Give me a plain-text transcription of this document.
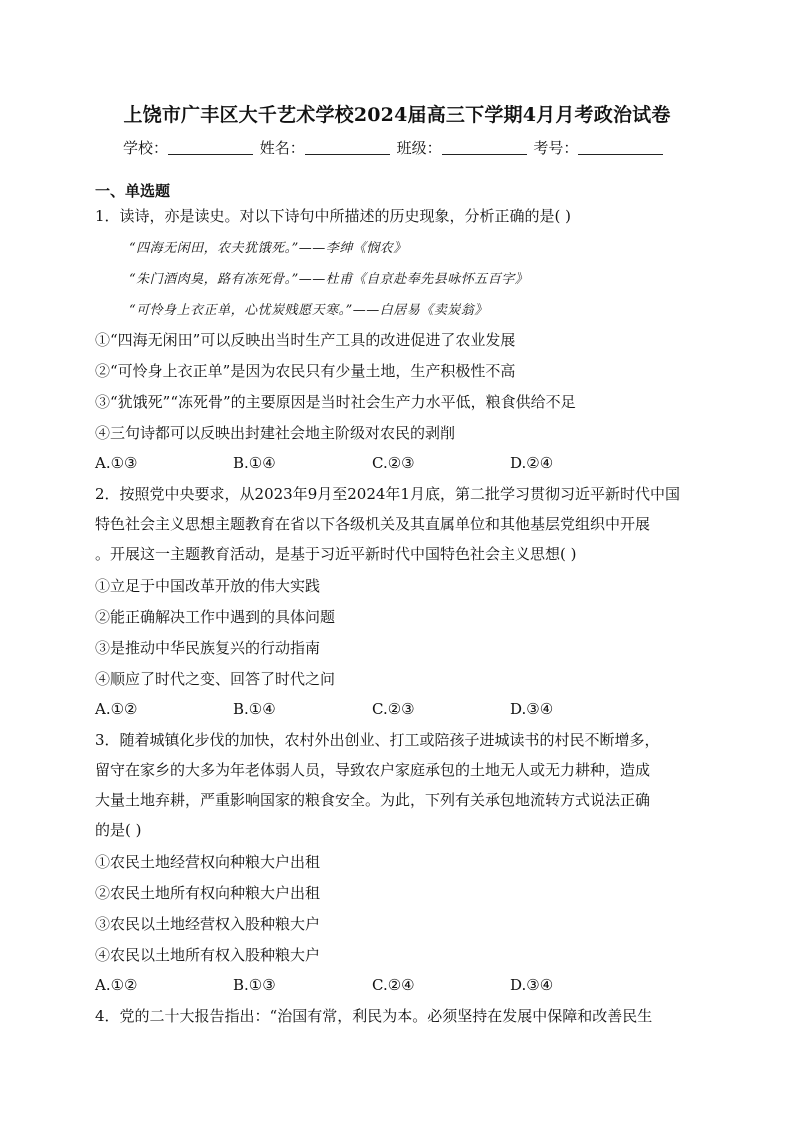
上饶市广丰区大千艺术学校2024届高三下学期4月月考政治试卷
学校：	姓名：	班级：	考号：
一、单选题
1．读诗，亦是读史。对以下诗句中所描述的历史现象，分析正确的是( )
“四海无闲田，农夫犹饿死。”——李绅《悯农》
“朱门酒肉臭，路有冻死骨。”——杜甫《自京赴奉先县咏怀五百字》
“可怜身上衣正单，心忧炭贱愿天寒。”——白居易《卖炭翁》
①“四海无闲田”可以反映出当时生产工具的改进促进了农业发展
②“可怜身上衣正单”是因为农民只有少量土地，生产积极性不高
③“犹饿死”“冻死骨”的主要原因是当时社会生产力水平低，粮食供给不足
④三句诗都可以反映出封建社会地主阶级对农民的剥削
A.①③	B.①④	C.②③	D.②④
2．按照党中央要求，从2023年9月至2024年1月底，第二批学习贯彻习近平新时代中国
特色社会主义思想主题教育在省以下各级机关及其直属单位和其他基层党组织中开展
。开展这一主题教育活动，是基于习近平新时代中国特色社会主义思想( )
①立足于中国改革开放的伟大实践
②能正确解决工作中遇到的具体问题
③是推动中华民族复兴的行动指南
④顺应了时代之变、回答了时代之问
A.①②	B.①④	C.②③	D.③④
3．随着城镇化步伐的加快，农村外出创业、打工或陪孩子进城读书的村民不断增多，
留守在家乡的大多为年老体弱人员，导致农户家庭承包的土地无人或无力耕种，造成
大量土地弃耕，严重影响国家的粮食安全。为此，下列有关承包地流转方式说法正确
的是( )
①农民土地经营权向种粮大户出租
②农民土地所有权向种粮大户出租
③农民以土地经营权入股种粮大户
④农民以土地所有权入股种粮大户
A.①②	B.①③	C.②④	D.③④
4．党的二十大报告指出：“治国有常，利民为本。必须坚持在发展中保障和改善民生
